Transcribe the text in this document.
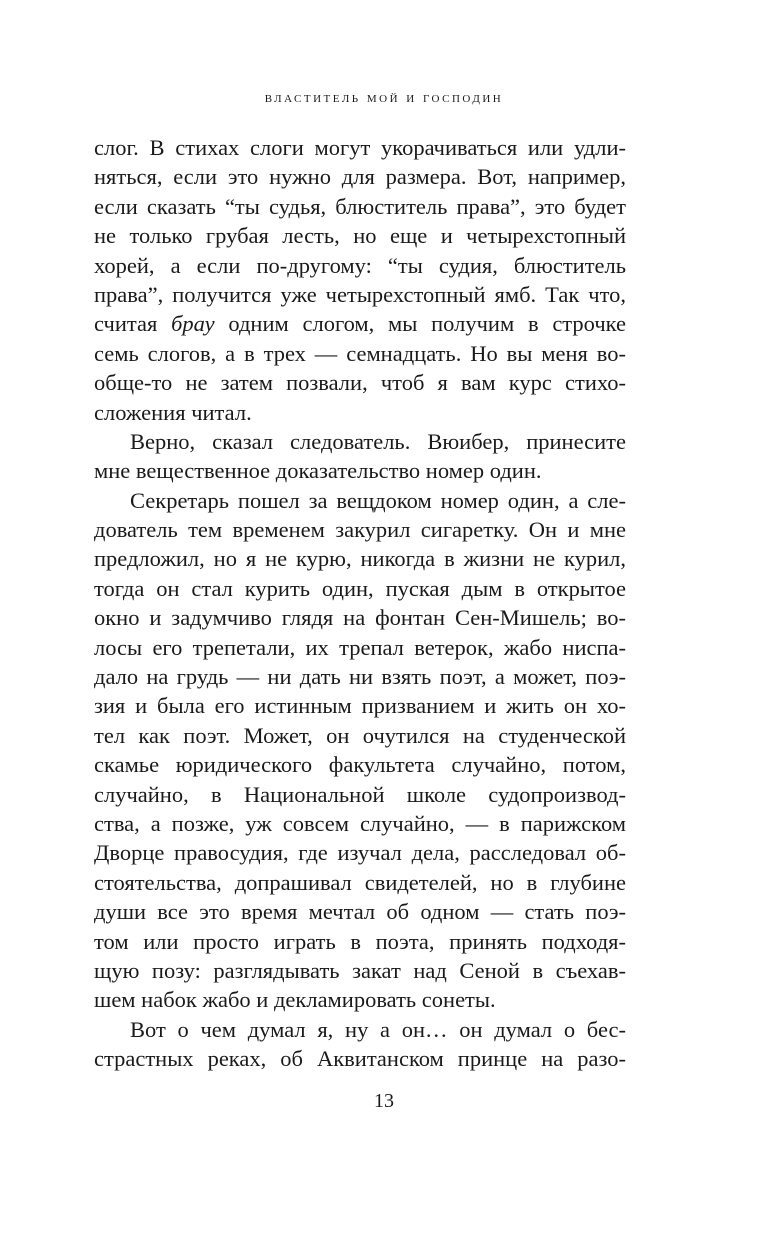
властитель мой и господин
слог. В стихах слоги могут укорачиваться или удли-
няться, если это нужно для размера. Вот, например,
если сказать “ты судья, блюститель права”, это будет
не только грубая лесть, но еще и четырехстопный
хорей, а если по-другому: “ты судия, блюститель
права”, получится уже четырехстопный ямб. Так что,
считая брау одним слогом, мы получим в строчке
семь слогов, а в трех — семнадцать. Но вы меня во-
обще-то не затем позвали, чтоб я вам курс стихо-
сложения читал.
Верно, сказал следователь. Вюибер, принесите
мне вещественное доказательство номер один.
Секретарь пошел за вещдоком номер один, а сле-
дователь тем временем закурил сигаретку. Он и мне
предложил, но я не курю, никогда в жизни не курил,
тогда он стал курить один, пуская дым в открытое
окно и задумчиво глядя на фонтан Сен-Мишель; во-
лосы его трепетали, их трепал ветерок, жабо ниспа-
дало на грудь — ни дать ни взять поэт, а может, поэ-
зия и была его истинным призванием и жить он хо-
тел как поэт. Может, он очутился на студенческой
скамье юридического факультета случайно, потом,
случайно, в Национальной школе судопроизвод-
ства, а позже, уж совсем случайно, — в парижском
Дворце правосудия, где изучал дела, расследовал об-
стоятельства, допрашивал свидетелей, но в глубине
души все это время мечтал об одном — стать поэ-
том или просто играть в поэта, принять подходя-
щую позу: разглядывать закат над Сеной в съехав-
шем набок жабо и декламировать сонеты.
Вот о чем думал я, ну а он… он думал о бес-
страстных реках, об Аквитанском принце на разо-
13
